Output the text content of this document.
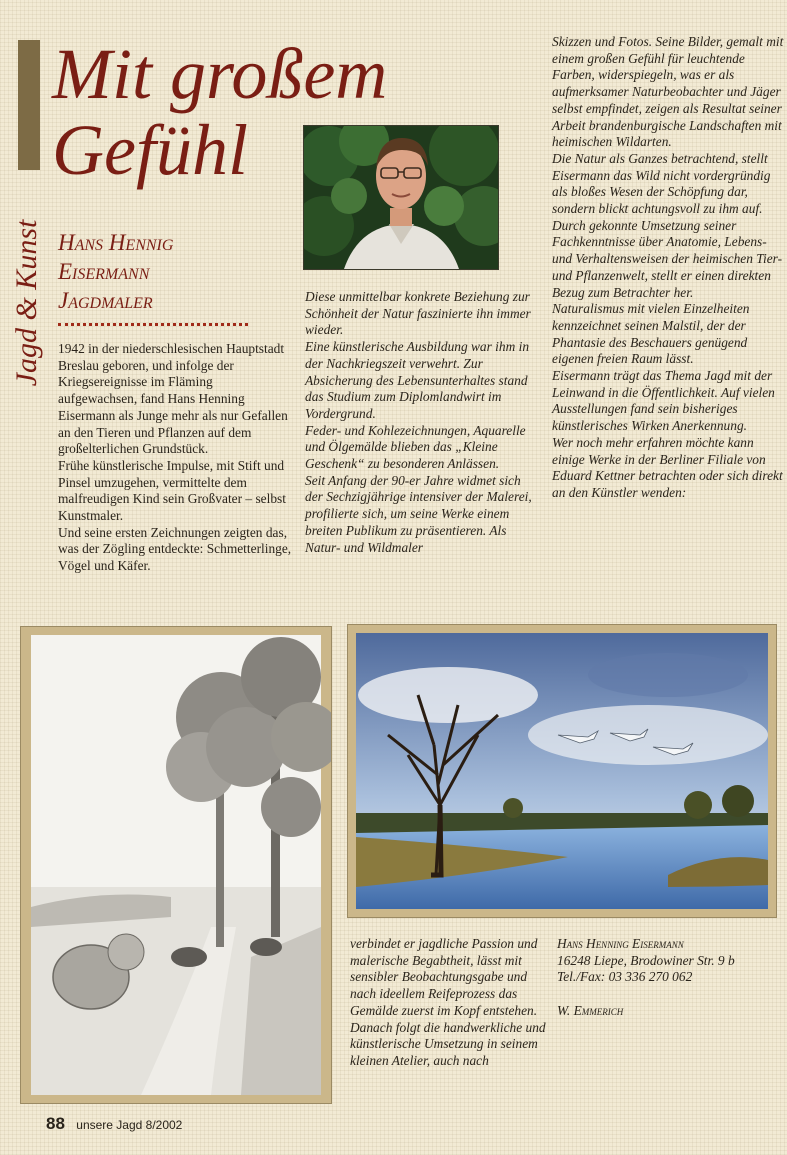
Jagd & Kunst
Mit großem
Gefühl
Hans Hennig
Eisermann
Jagdmaler

1942 in der niederschlesischen Hauptstadt Breslau geboren, und infolge der Kriegsereignisse im Fläming aufgewachsen, fand Hans Henning Eisermann als Junge mehr als nur Gefallen an den Tieren und Pflanzen auf dem großelterlichen Grundstück.

Frühe künstlerische Impulse, mit Stift und Pinsel umzugehen, vermittelte dem malfreudigen Kind sein Großvater – selbst Kunstmaler.

Und seine ersten Zeichnungen zeigten das, was der Zögling entdeckte: Schmetterlinge, Vögel und Käfer.

Diese unmittelbar konkrete Beziehung zur Schönheit der Natur faszinierte ihn immer wieder.

Eine künstlerische Ausbildung war ihm in der Nachkriegszeit verwehrt. Zur Absicherung des Lebensunterhaltes stand das Studium zum Diplomlandwirt im Vordergrund.

Feder- und Kohlezeichnungen, Aquarelle und Ölgemälde blieben das „Kleine Geschenk“ zu besonderen Anlässen.

Seit Anfang der 90-er Jahre widmet sich der Sechzigjährige intensiver der Malerei, profilierte sich, um seine Werke einem breiten Publikum zu präsentieren. Als Natur- und Wildmaler

Skizzen und Fotos. Seine Bilder, gemalt mit einem großen Gefühl für leuchtende Farben, widerspiegeln, was er als aufmerksamer Naturbeobachter und Jäger selbst empfindet, zeigen als Resultat seiner Arbeit brandenburgische Landschaften mit heimischen Wildarten.

Die Natur als Ganzes betrachtend, stellt Eisermann das Wild nicht vordergründig als bloßes Wesen der Schöpfung dar, sondern blickt achtungsvoll zu ihm auf.

Durch gekonnte Umsetzung seiner Fachkenntnisse über Anatomie, Lebens- und Verhaltensweisen der heimischen Tier- und Pflanzenwelt, stellt er einen direkten Bezug zum Betrachter her.

Naturalismus mit vielen Einzelheiten kennzeichnet seinen Malstil, der der Phantasie des Beschauers genügend eigenen freien Raum lässt.

Eisermann trägt das Thema Jagd mit der Leinwand in die Öffentlichkeit. Auf vielen Ausstellungen fand sein bisheriges künstlerisches Wirken Anerkennung.

Wer noch mehr erfahren möchte kann einige Werke in der Berliner Filiale von Eduard Kettner betrachten oder sich direkt an den Künstler wenden:

verbindet er jagdliche Passion und malerische Begabtheit, lässt mit sensibler Beobachtungsgabe und nach ideellem Reifeprozess das Gemälde zuerst im Kopf entstehen. Danach folgt die handwerkliche und künstlerische Umsetzung in seinem kleinen Atelier, auch nach

Hans Henning Eisermann
16248 Liepe, Brodowiner Str. 9 b
Tel./Fax: 03 336 270 062
W. Emmerich
88 unsere Jagd 8/2002
